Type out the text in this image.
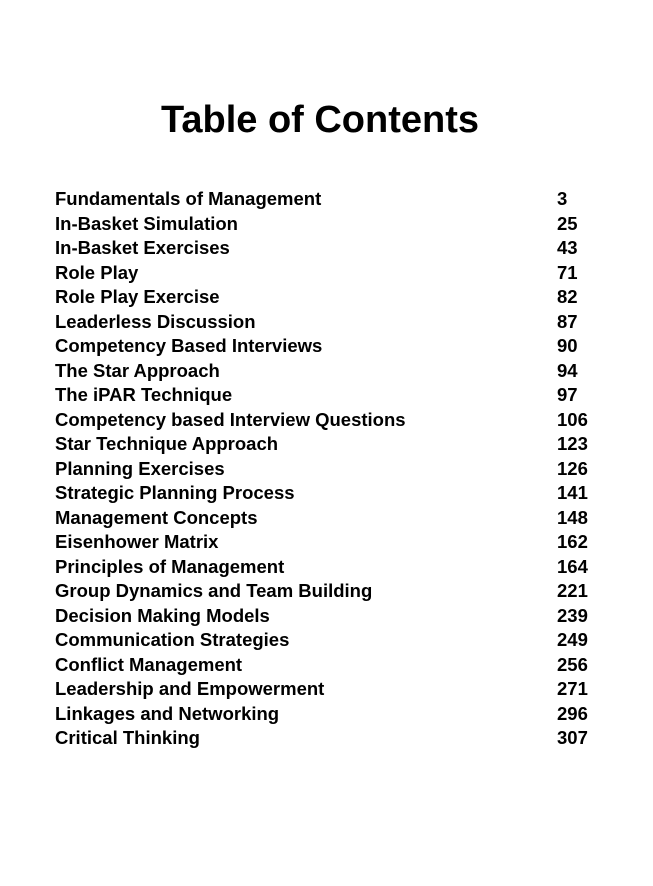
Table of Contents
Fundamentals of Management	3
In-Basket Simulation	25
In-Basket Exercises	43
Role Play	71
Role Play Exercise	82
Leaderless Discussion	87
Competency Based Interviews	90
The Star Approach	94
The iPAR Technique	97
Competency based Interview Questions	106
Star Technique Approach	123
Planning Exercises	126
Strategic Planning Process	141
Management Concepts	148
Eisenhower Matrix	162
Principles of Management	164
Group Dynamics and Team Building	221
Decision Making Models	239
Communication Strategies	249
Conflict Management	256
Leadership and Empowerment	271
Linkages and Networking	296
Critical Thinking	307
